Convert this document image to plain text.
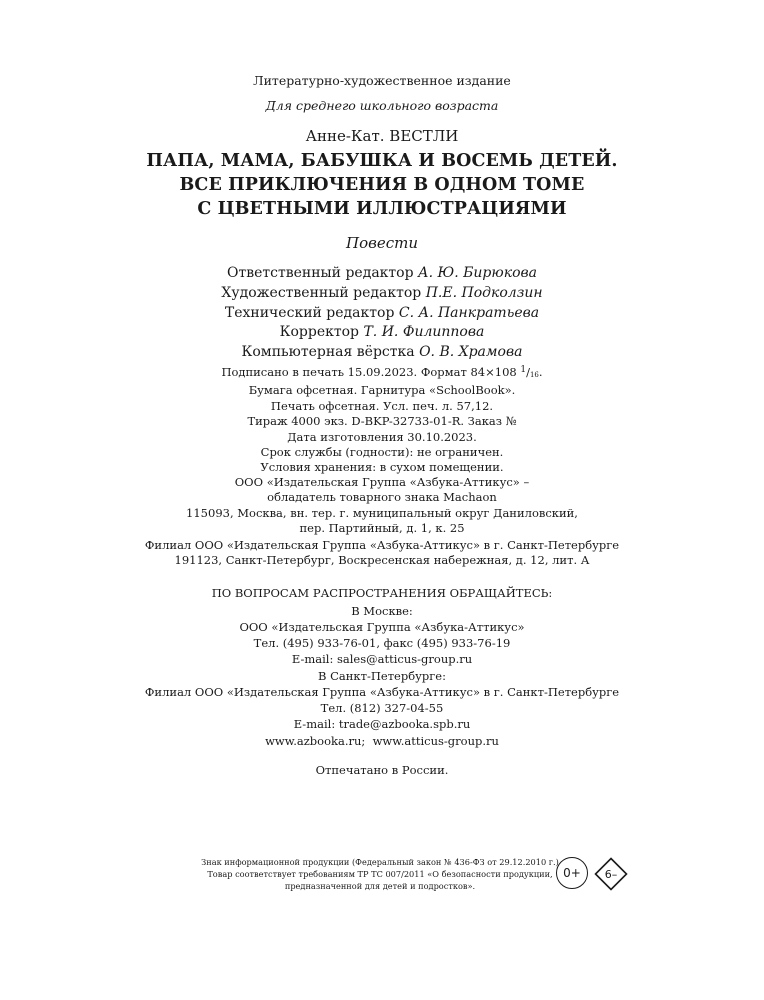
Литературно-художественное издание
Для среднего школьного возраста
Анне-Кат. ВЕСТЛИ
ПАПА, МАМА, БАБУШКА И ВОСЕМЬ ДЕТЕЙ.
ВСЕ ПРИКЛЮЧЕНИЯ В ОДНОМ ТОМЕ
С ЦВЕТНЫМИ ИЛЛЮСТРАЦИЯМИ
Повести
Ответственный редактор А. Ю. Бирюкова
Художественный редактор П.Е. Подколзин
Технический редактор С. А. Панкратьева
Корректор Т. И. Филиппова
Компьютерная вёрстка О. В. Храмова
Подписано в печать 15.09.2023. Формат 84×108 $^1$/16.
Бумага офсетная. Гарнитура «SchoolBook».
Печать офсетная. Усл. печ. л. 57,12.
Тираж 4000 экз. D-BKP-32733-01-R. Заказ №
Дата изготовления 30.10.2023.
Срок службы (годности): не ограничен.
Условия хранения: в сухом помещении.
ООО «Издательская Группа «Азбука-Аттикус» –
обладатель товарного знака Machaon
115093, Москва, вн. тер. г. муниципальный округ Даниловский,
пер. Партийный, д. 1, к. 25
Филиал ООО «Издательская Группа «Азбука-Аттикус» в г. Санкт-Петербурге
191123, Санкт-Петербург, Воскресенская набережная, д. 12, лит. А
ПО ВОПРОСАМ РАСПРОСТРАНЕНИЯ ОБРАЩАЙТЕСЬ:
В Москве:
ООО «Издательская Группа «Азбука-Аттикус»
Тел. (495) 933-76-01, факс (495) 933-76-19
E-mail: sales@atticus-group.ru
В Санкт-Петербурге:
Филиал ООО «Издательская Группа «Азбука-Аттикус» в г. Санкт-Петербурге
Тел. (812) 327-04-55
E-mail: trade@azbooka.spb.ru
www.azbooka.ru;  www.atticus-group.ru
Отпечатано в России.
Знак информационной продукции (Федеральный закон № 436-ФЗ от 29.12.2010 г.)
Товар соответствует требованиям ТР ТС 007/2011 «О безопасности продукции,
предназначенной для детей и подростков».
0+	6–
